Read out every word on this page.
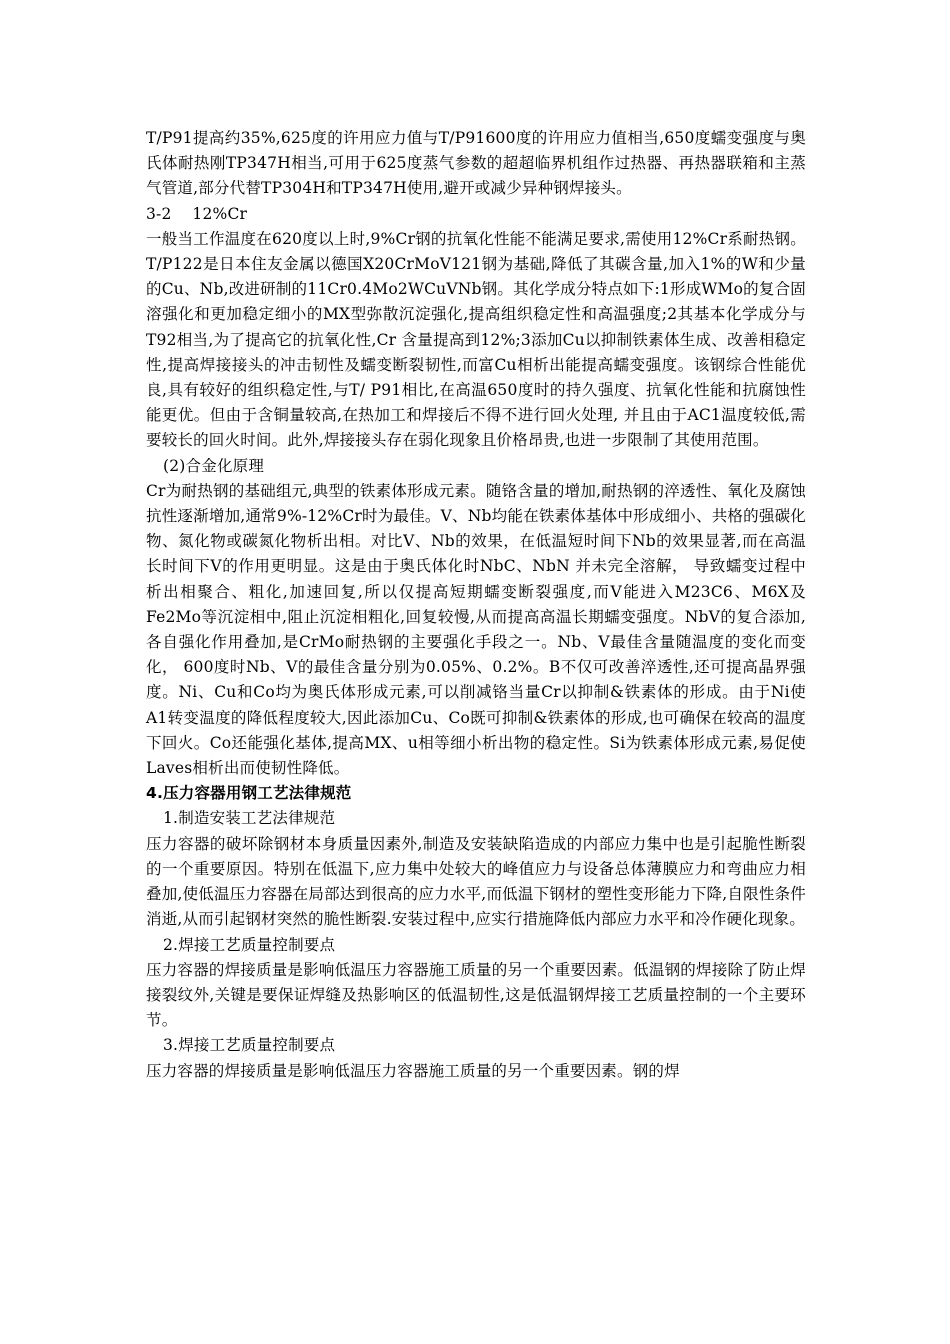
T/P91提高约35%,625度的许用应力值与T/P91600度的许用应力值相当,650度蠕变强度与奥氏体耐热刚TP347H相当,可用于625度蒸气参数的超超临界机组作过热器、再热器联箱和主蒸气管道,部分代替TP304H和TP347H使用,避开或减少异种钢焊接头。

3-2　 12%Cr

一般当工作温度在620度以上时,9%Cr钢的抗氧化性能不能满足要求,需使用12%Cr系耐热钢。T/P122是日本住友金属以德国X20CrMoV121钢为基础,降低了其碳含量,加入1%的W和少量的Cu、Nb,改进研制的11Cr0.4Mo2WCuVNb钢。其化学成分特点如下:1形成WMo的复合固溶强化和更加稳定细小的MX型弥散沉淀强化,提高组织稳定性和高温强度;2其基本化学成分与T92相当,为了提高它的抗氧化性,Cr 含量提高到12%;3添加Cu以抑制铁素体生成、改善相稳定性,提高焊接接头的冲击韧性及蠕变断裂韧性,而富Cu相析出能提高蠕变强度。该钢综合性能优良,具有较好的组织稳定性,与T/ P91相比,在高温650度时的持久强度、抗氧化性能和抗腐蚀性能更优。但由于含铜量较高,在热加工和焊接后不得不进行回火处理, 并且由于AC1温度较低,需要较长的回火时间。此外,焊接接头存在弱化现象且价格昂贵,也进一步限制了其使用范围。

(2)合金化原理

Cr为耐热钢的基础组元,典型的铁素体形成元素。随铬含量的增加,耐热钢的淬透性、氧化及腐蚀抗性逐渐增加,通常9%-12%Cr时为最佳。V、Nb均能在铁素体基体中形成细小、共格的强碳化物、氮化物或碳氮化物析出相。对比V、Nb的效果，在低温短时间下Nb的效果显著,而在高温长时间下V的作用更明显。这是由于奥氏体化时NbC、NbN 并未完全溶解， 导致蠕变过程中析出相聚合、粗化,加速回复,所以仅提高短期蠕变断裂强度,而V能进入M23C6、M6X及Fe2Mo等沉淀相中,阻止沉淀相粗化,回复较慢,从而提高高温长期蠕变强度。NbV的复合添加,各自强化作用叠加,是CrMo耐热钢的主要强化手段之一。Nb、V最佳含量随温度的变化而变化， 600度时Nb、V的最佳含量分别为0.05%、0.2%。B不仅可改善淬透性,还可提高晶界强度。Ni、Cu和Co均为奥氏体形成元素,可以削减铬当量Cr以抑制&铁素体的形成。由于Ni使A1转变温度的降低程度较大,因此添加Cu、Co既可抑制&铁素体的形成,也可确保在较高的温度下回火。Co还能强化基体,提高MX、u相等细小析出物的稳定性。Si为铁素体形成元素,易促使Laves相析出而使韧性降低。

4.压力容器用钢工艺法律规范

1.制造安装工艺法律规范

压力容器的破坏除钢材本身质量因素外,制造及安装缺陷造成的内部应力集中也是引起脆性断裂的一个重要原因。特别在低温下,应力集中处较大的峰值应力与设备总体薄膜应力和弯曲应力相叠加,使低温压力容器在局部达到很高的应力水平,而低温下钢材的塑性变形能力下降,自限性条件消逝,从而引起钢材突然的脆性断裂.安装过程中,应实行措施降低内部应力水平和冷作硬化现象。

2.焊接工艺质量控制要点

压力容器的焊接质量是影响低温压力容器施工质量的另一个重要因素。低温钢的焊接除了防止焊接裂纹外,关键是要保证焊缝及热影响区的低温韧性,这是低温钢焊接工艺质量控制的一个主要环节。

3.焊接工艺质量控制要点

压力容器的焊接质量是影响低温压力容器施工质量的另一个重要因素。钢的焊
